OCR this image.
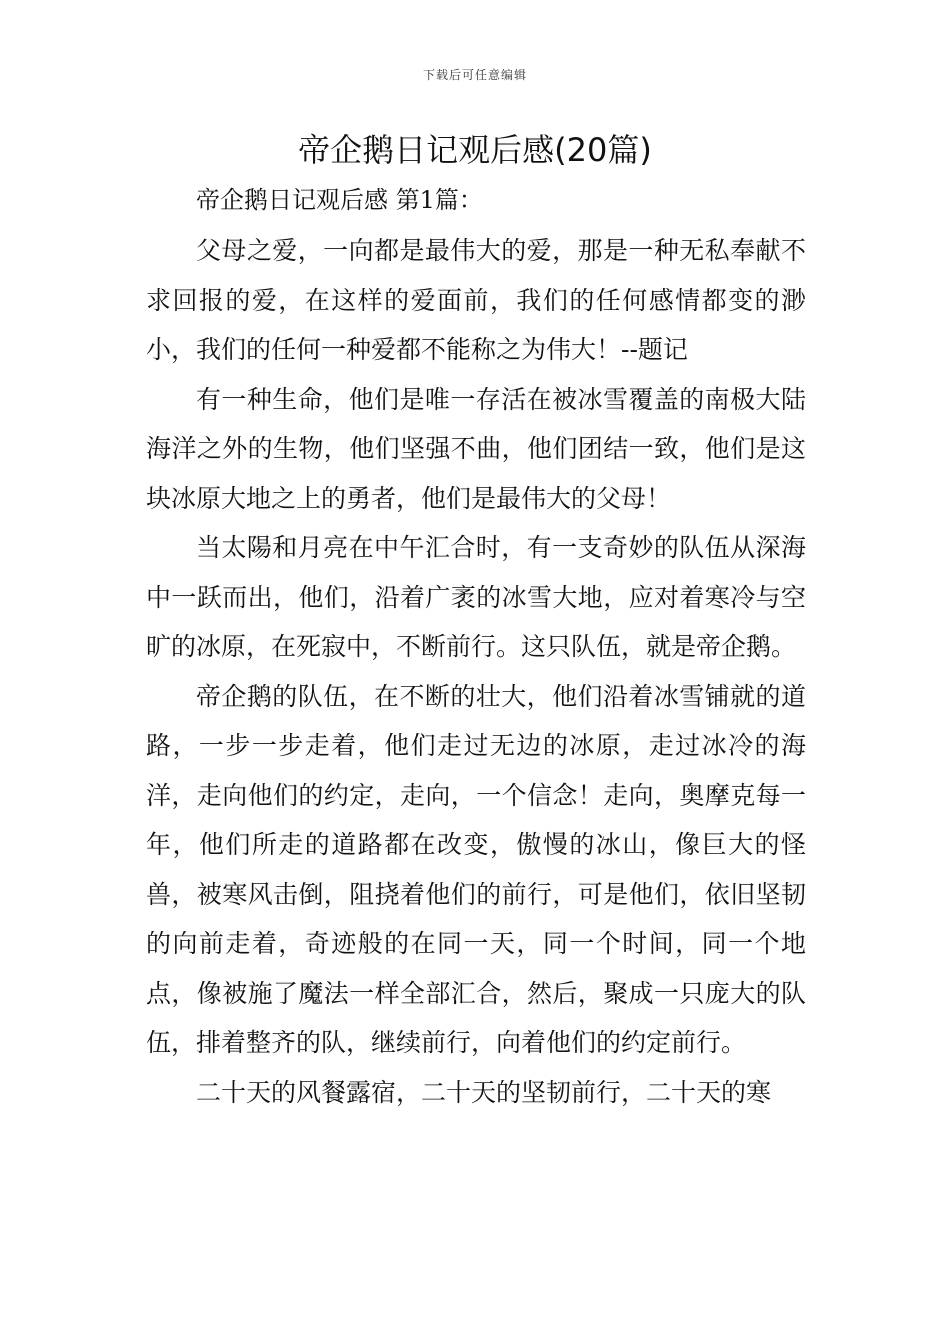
下载后可任意编辑
帝企鹅日记观后感(20篇)
帝企鹅日记观后感 第1篇：

父母之爱，一向都是最伟大的爱，那是一种无私奉献不求回报的爱，在这样的爱面前，我们的任何感情都变的渺小，我们的任何一种爱都不能称之为伟大！--题记

有一种生命，他们是唯一存活在被冰雪覆盖的南极大陆海洋之外的生物，他们坚强不曲，他们团结一致，他们是这块冰原大地之上的勇者，他们是最伟大的父母！

当太陽和月亮在中午汇合时，有一支奇妙的队伍从深海中一跃而出，他们，沿着广袤的冰雪大地，应对着寒冷与空旷的冰原，在死寂中，不断前行。这只队伍，就是帝企鹅。

帝企鹅的队伍，在不断的壮大，他们沿着冰雪铺就的道路，一步一步走着，他们走过无边的冰原，走过冰冷的海洋，走向他们的约定，走向，一个信念！走向，奥摩克每一年，他们所走的道路都在改变，傲慢的冰山，像巨大的怪兽，被寒风击倒，阻挠着他们的前行，可是他们，依旧坚韧的向前走着，奇迹般的在同一天，同一个时间，同一个地点，像被施了魔法一样全部汇合，然后，聚成一只庞大的队伍，排着整齐的队，继续前行，向着他们的约定前行。

二十天的风餐露宿，二十天的坚韧前行，二十天的寒
